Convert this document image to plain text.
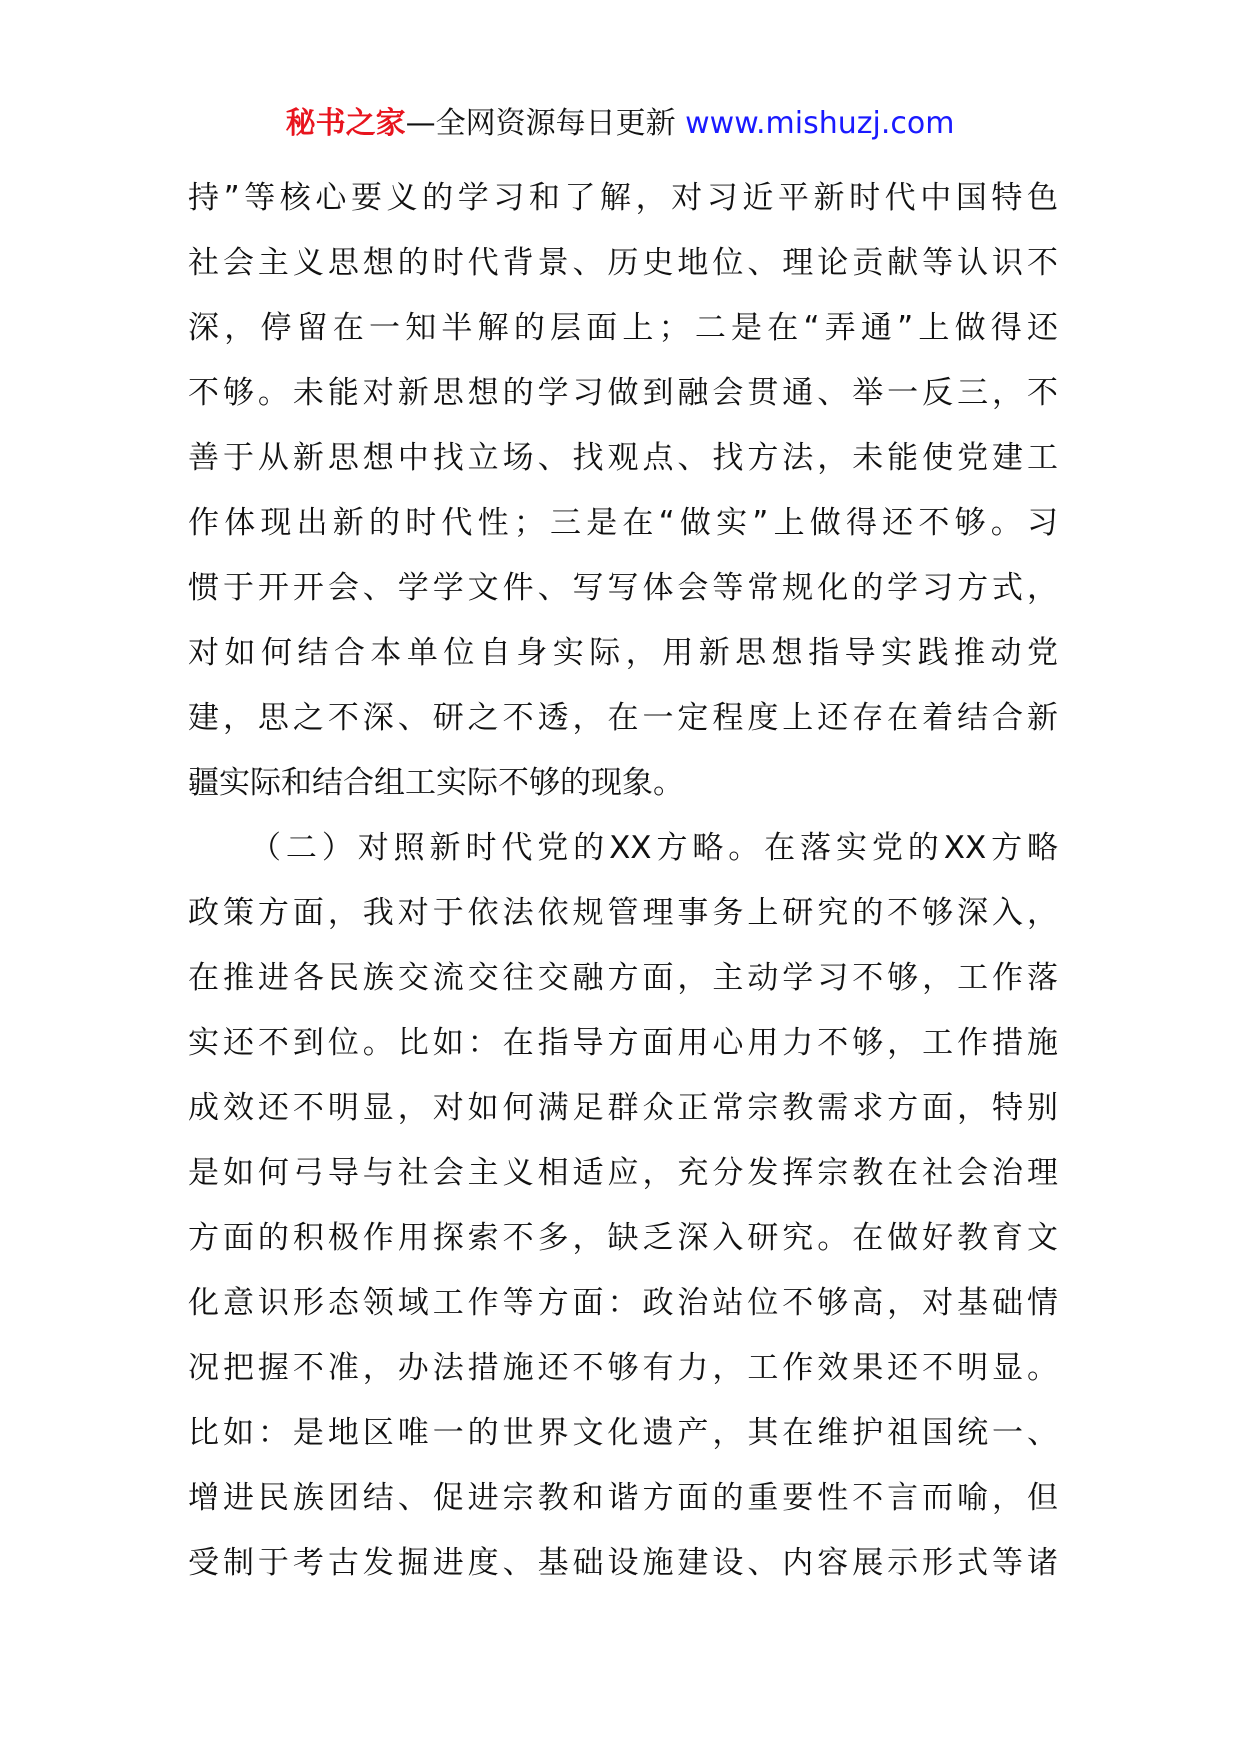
秘书之家—全网资源每日更新 www.mishuzj.com
持”等核心要义的学习和了解，对习近平新时代中国特色
社会主义思想的时代背景、历史地位、理论贡献等认识不
深，停留在一知半解的层面上；二是在“弄通”上做得还
不够。未能对新思想的学习做到融会贯通、举一反三，不
善于从新思想中找立场、找观点、找方法，未能使党建工
作体现出新的时代性；三是在“做实”上做得还不够。习
惯于开开会、学学文件、写写体会等常规化的学习方式，
对如何结合本单位自身实际，用新思想指导实践推动党
建，思之不深、研之不透，在一定程度上还存在着结合新
疆实际和结合组工实际不够的现象。
（二）对照新时代党的XX方略。在落实党的XX方略
政策方面，我对于依法依规管理事务上研究的不够深入，
在推进各民族交流交往交融方面，主动学习不够，工作落
实还不到位。比如：在指导方面用心用力不够，工作措施
成效还不明显，对如何满足群众正常宗教需求方面，特别
是如何弓导与社会主义相适应，充分发挥宗教在社会治理
方面的积极作用探索不多，缺乏深入研究。在做好教育文
化意识形态领域工作等方面：政治站位不够高，对基础情
况把握不准，办法措施还不够有力，工作效果还不明显。
比如：是地区唯一的世界文化遗产，其在维护祖国统一、
增进民族团结、促进宗教和谐方面的重要性不言而喻，但
受制于考古发掘进度、基础设施建设、内容展示形式等诸
